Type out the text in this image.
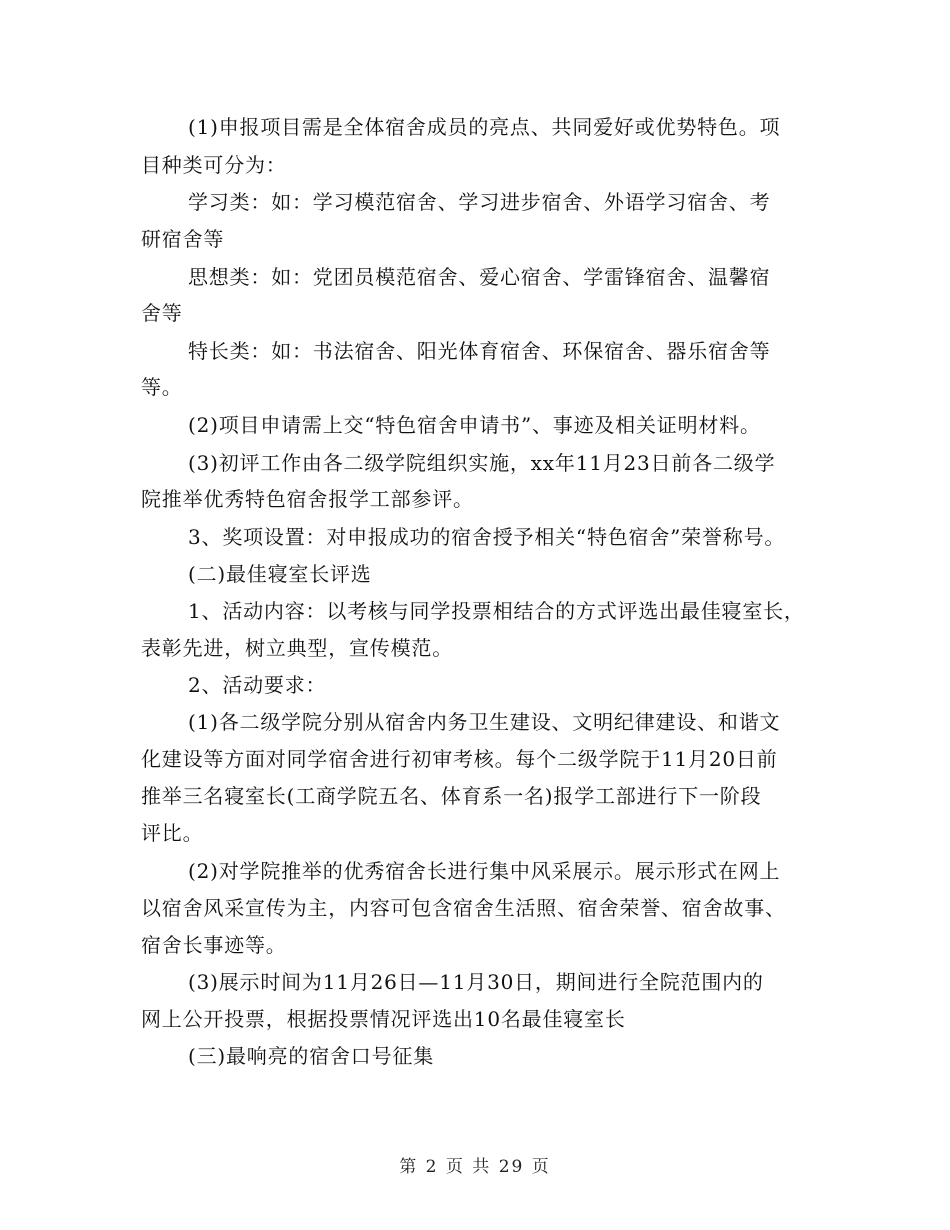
(1)申报项目需是全体宿舍成员的亮点、共同爱好或优势特色。项
目种类可分为：
学习类：如：学习模范宿舍、学习进步宿舍、外语学习宿舍、考
研宿舍等
思想类：如：党团员模范宿舍、爱心宿舍、学雷锋宿舍、温馨宿
舍等
特长类：如：书法宿舍、阳光体育宿舍、环保宿舍、器乐宿舍等
等。
(2)项目申请需上交“特色宿舍申请书”、事迹及相关证明材料。
(3)初评工作由各二级学院组织实施，xx年11月23日前各二级学
院推举优秀特色宿舍报学工部参评。
3、奖项设置：对申报成功的宿舍授予相关“特色宿舍”荣誉称号。
(二)最佳寝室长评选
1、活动内容：以考核与同学投票相结合的方式评选出最佳寝室长，
表彰先进，树立典型，宣传模范。
2、活动要求：
(1)各二级学院分别从宿舍内务卫生建设、文明纪律建设、和谐文
化建设等方面对同学宿舍进行初审考核。每个二级学院于11月20日前
推举三名寝室长(工商学院五名、体育系一名)报学工部进行下一阶段
评比。
(2)对学院推举的优秀宿舍长进行集中风采展示。展示形式在网上
以宿舍风采宣传为主，内容可包含宿舍生活照、宿舍荣誉、宿舍故事、
宿舍长事迹等。
(3)展示时间为11月26日—11月30日，期间进行全院范围内的
网上公开投票，根据投票情况评选出10名最佳寝室长
(三)最响亮的宿舍口号征集
第 2 页 共 29 页
